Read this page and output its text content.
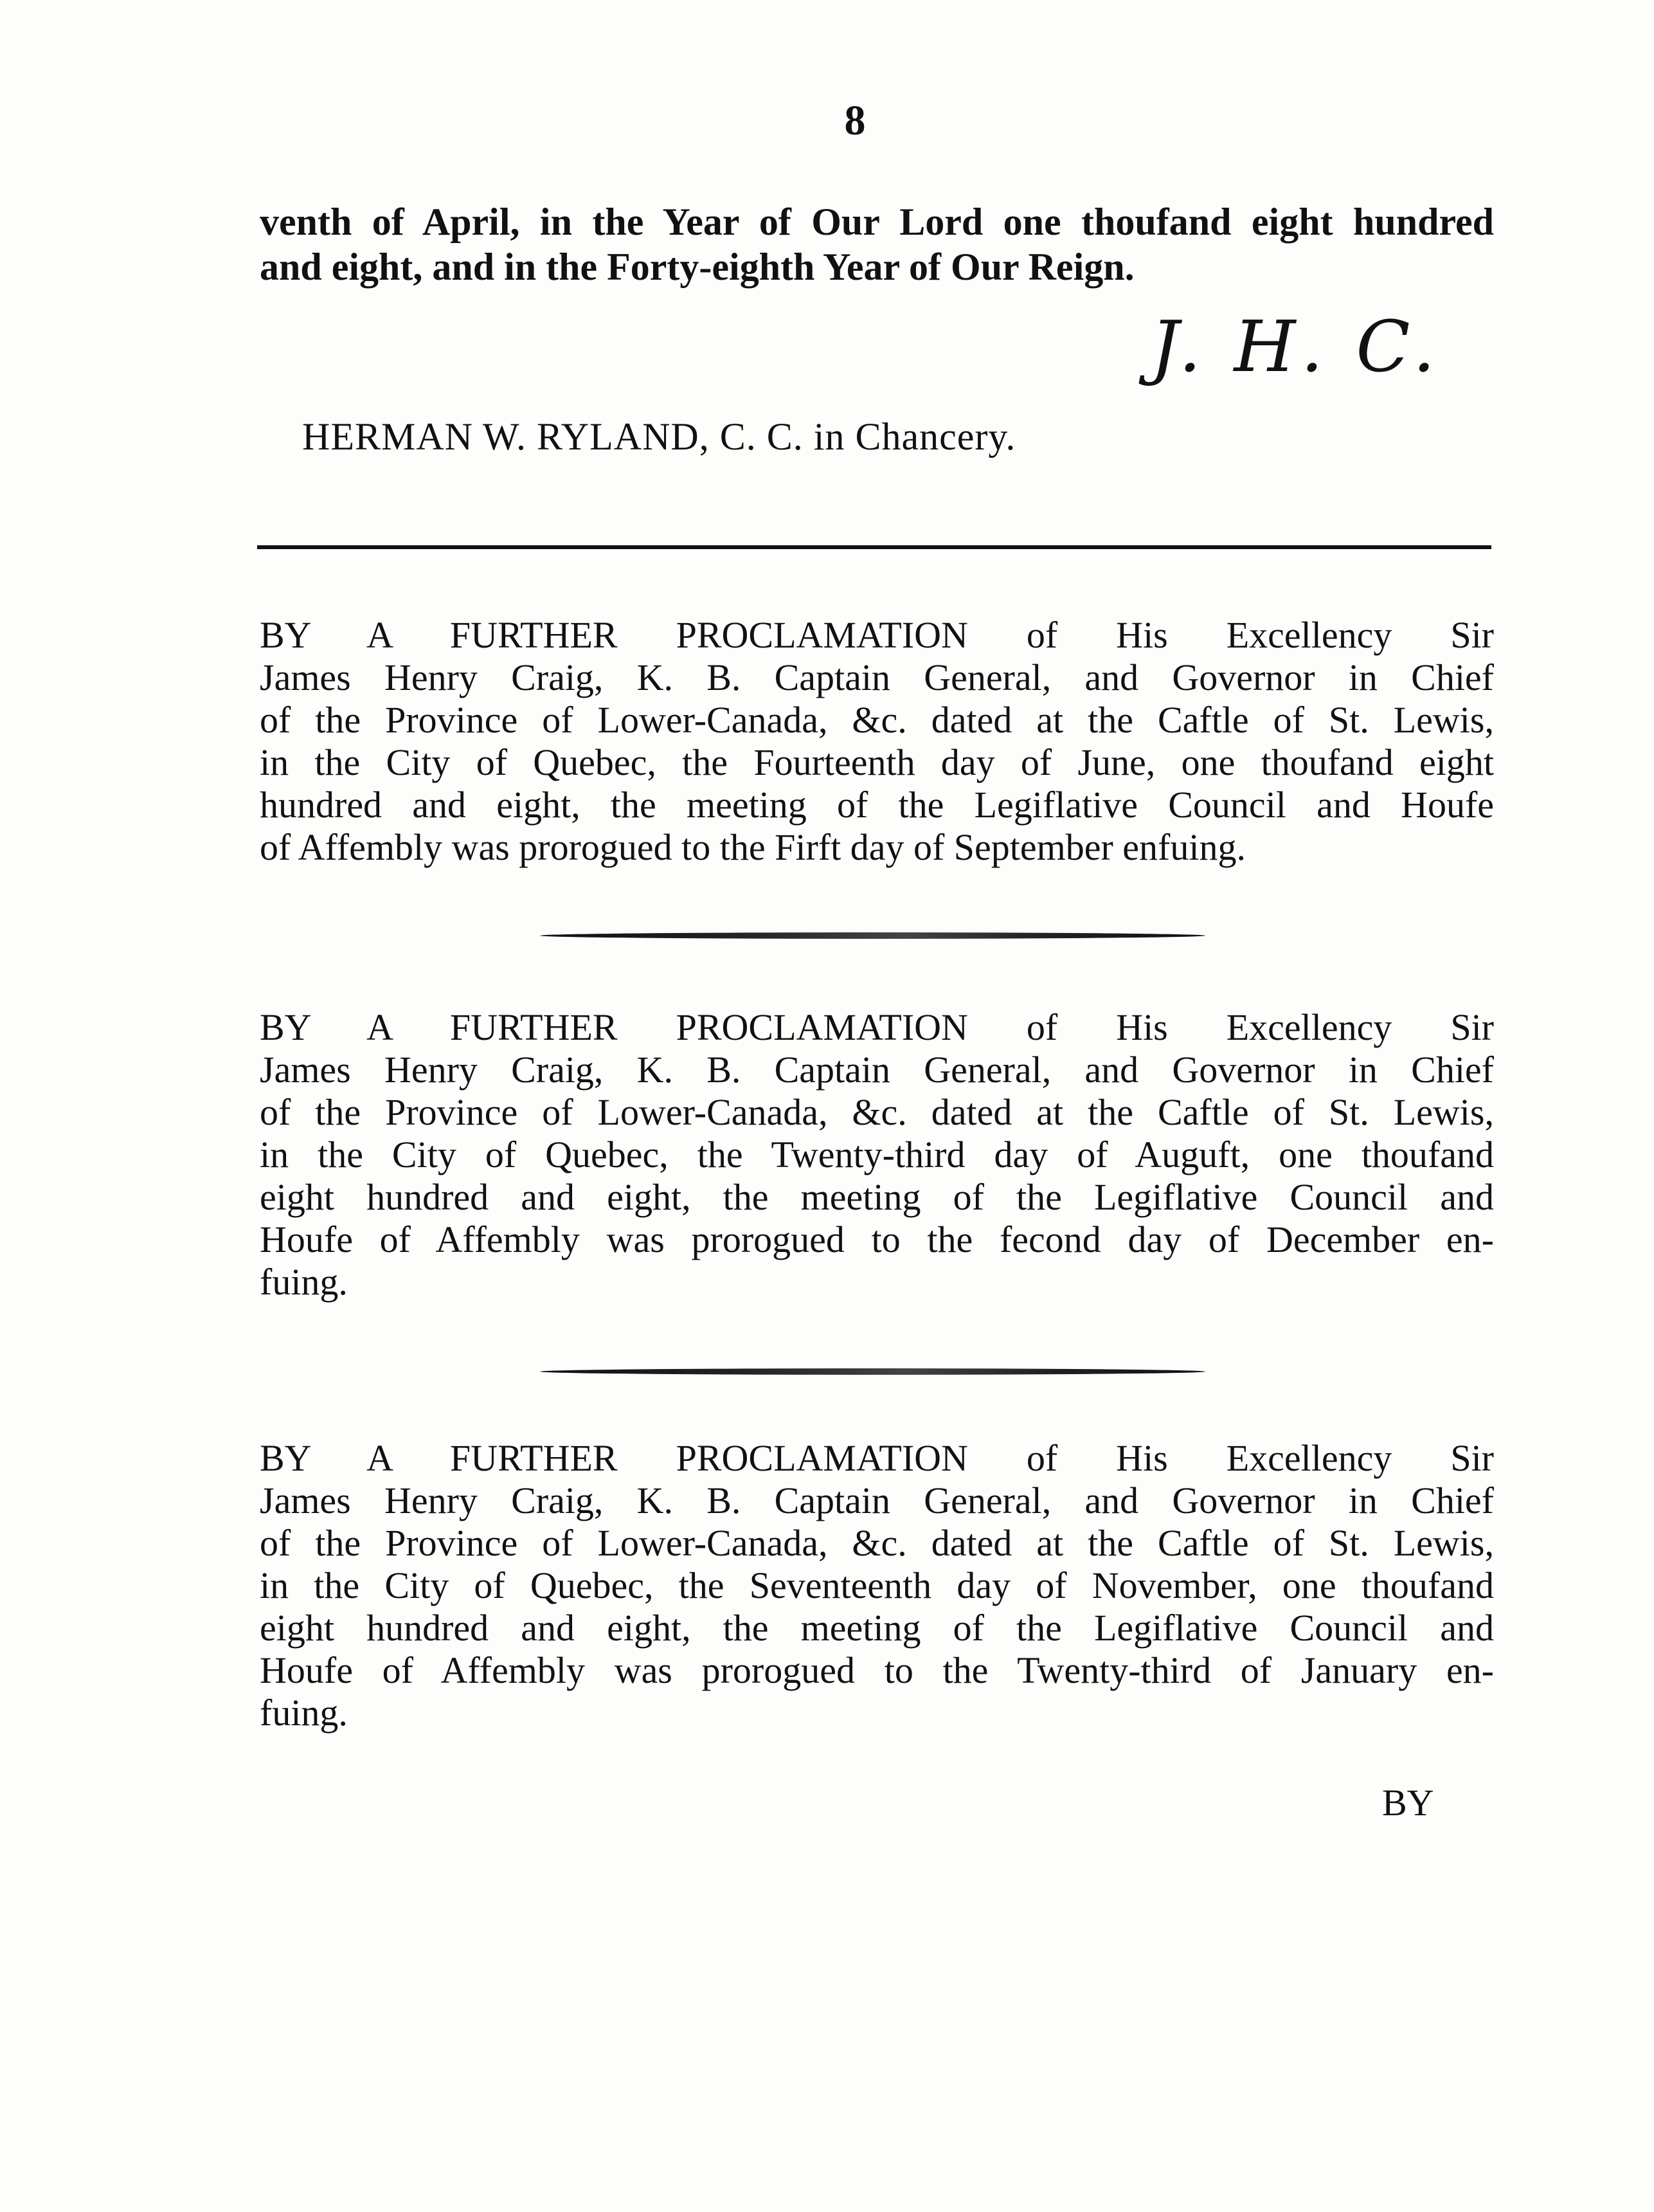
8
venth of April, in the Year of Our Lord one thoufand eight hundred
and eight, and in the Forty-eighth Year of Our Reign.
J. H. C.
HERMAN W. RYLAND, C. C. in Chancery.
BY A FURTHER PROCLAMATION of His Excellency Sir
James Henry Craig, K. B. Captain General, and Governor in Chief
of the Province of Lower-Canada, &c. dated at the Caftle of St. Lewis,
in the City of Quebec, the Fourteenth day of June, one thoufand eight
hundred and eight, the meeting of the Legiflative Council and Houfe
of Affembly was prorogued to the Firft day of September enfuing.
BY A FURTHER PROCLAMATION of His Excellency Sir
James Henry Craig, K. B. Captain General, and Governor in Chief
of the Province of Lower-Canada, &c. dated at the Caftle of St. Lewis,
in the City of Quebec, the Twenty-third day of Auguft, one thoufand
eight hundred and eight, the meeting of the Legiflative Council and
Houfe of Affembly was prorogued to the fecond day of December en-
fuing.
BY A FURTHER PROCLAMATION of His Excellency Sir
James Henry Craig, K. B. Captain General, and Governor in Chief
of the Province of Lower-Canada, &c. dated at the Caftle of St. Lewis,
in the City of Quebec, the Seventeenth day of November, one thoufand
eight hundred and eight, the meeting of the Legiflative Council and
Houfe of Affembly was prorogued to the Twenty-third of January en-
fuing.
BY
